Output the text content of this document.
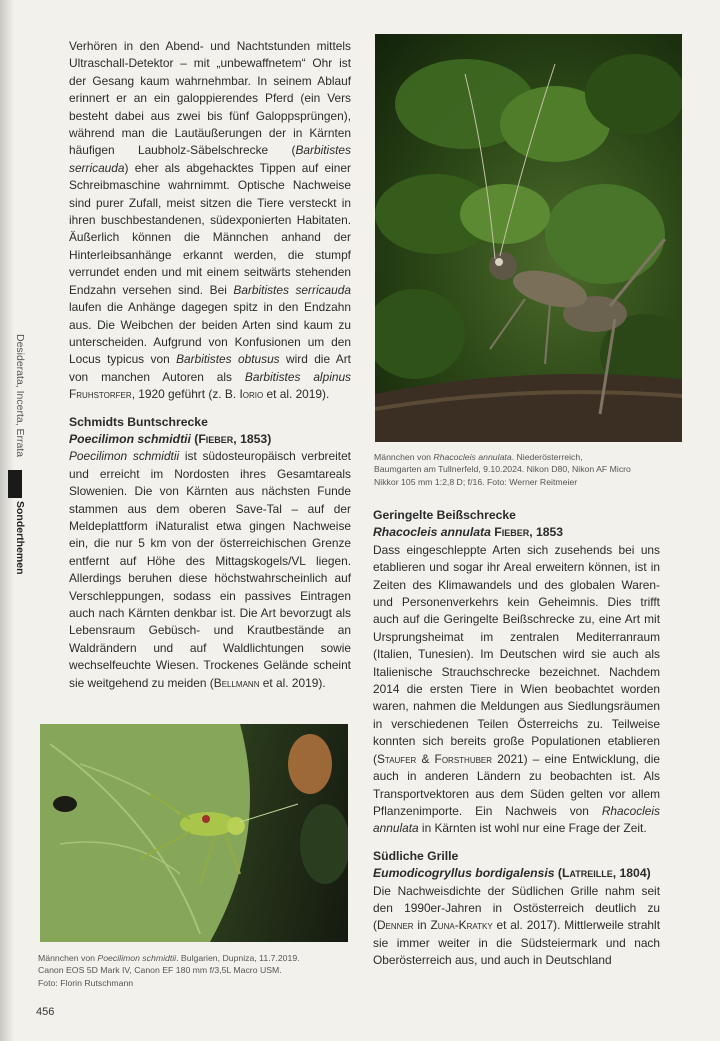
Verhören in den Abend- und Nachtstunden mittels Ultraschall-Detektor – mit „unbewaffnetem“ Ohr ist der Gesang kaum wahrnehmbar. In seinem Ablauf erinnert er an ein galoppierendes Pferd (ein Vers besteht dabei aus zwei bis fünf Galoppsprüngen), während man die Lautäußerungen der in Kärnten häufigen Laubholz-Säbelschrecke (Barbitistes serricauda) eher als abgehacktes Tippen auf einer Schreibmaschine wahrnimmt. Optische Nachweise sind purer Zufall, meist sitzen die Tiere versteckt in ihren buschbestandenen, südexponierten Habitaten. Äußerlich können die Männchen anhand der Hinterleibsanhänge erkannt werden, die stumpf verrundet enden und mit einem seitwärts stehenden Endzahn versehen sind. Bei Barbitistes serricauda laufen die Anhänge dagegen spitz in den Endzahn aus. Die Weibchen der beiden Arten sind kaum zu unterscheiden. Aufgrund von Konfusionen um den Locus typicus von Barbitistes obtusus wird die Art von manchen Autoren als Barbitistes alpinus Fruhstorfer, 1920 geführt (z. B. Iorio et al. 2019).

Schmidts Buntschrecke
Poecilimon schmidtii (Fieber, 1853)

Poecilimon schmidtii ist südosteuropäisch verbreitet und erreicht im Nordosten ihres Gesamtareals Slowenien. Die von Kärnten aus nächsten Funde stammen aus dem oberen Save-Tal – auf der Meldeplattform iNaturalist etwa gingen Nachweise ein, die nur 5 km von der österreichischen Grenze entfernt auf Höhe des Mittagskogels/VL liegen. Allerdings beruhen diese höchstwahrscheinlich auf Verschleppungen, sodass ein passives Eintragen auch nach Kärnten denkbar ist. Die Art bevorzugt als Lebensraum Gebüsch- und Krautbestände an Waldrändern und auf Waldlichtungen sowie wechselfeuchte Wiesen. Trockenes Gelände scheint sie weitgehend zu meiden (Bellmann et al. 2019).

Männchen von Rhacocleis annulata. Niederösterreich,
Baumgarten am Tullnerfeld, 9.10.2024. Nikon D80, Nikon AF Micro
Nikkor 105 mm 1:2,8 D; f/16. Foto: Werner Reitmeier
Geringelte Beißschrecke
Rhacocleis annulata Fieber, 1853

Dass eingeschleppte Arten sich zusehends bei uns etablieren und sogar ihr Areal erweitern können, ist in Zeiten des Klimawandels und des globalen Waren- und Personenverkehrs kein Geheimnis. Dies trifft auch auf die Geringelte Beißschrecke zu, eine Art mit Ursprungsheimat im zentralen Mediterranraum (Italien, Tunesien). Im Deutschen wird sie auch als Italienische Strauchschrecke bezeichnet. Nachdem 2014 die ersten Tiere in Wien beobachtet worden waren, nahmen die Meldungen aus Siedlungsräumen in verschiedenen Teilen Österreichs zu. Teilweise konnten sich bereits große Populationen etablieren (Staufer & Forsthuber 2021) – eine Entwicklung, die auch in anderen Ländern zu beobachten ist. Als Transportvektoren aus dem Süden gelten vor allem Pflanzenimporte. Ein Nachweis von Rhacocleis annulata in Kärnten ist wohl nur eine Frage der Zeit.

Südliche Grille
Eumodicogryllus bordigalensis (Latreille, 1804)

Die Nachweisdichte der Südlichen Grille nahm seit den 1990er-Jahren in Ostösterreich deutlich zu (Denner in Zuna-Kratky et al. 2017). Mittlerweile strahlt sie immer weiter in die Südsteiermark und nach Oberösterreich aus, und auch in Deutschland

Männchen von Poecilimon schmidtii. Bulgarien, Dupniza, 11.7.2019.
Canon EOS 5D Mark IV, Canon EF 180 mm f/3,5L Macro USM.
Foto: Florin Rutschmann
Desiderata, Incerta, Errata
Sonderthemen
456
